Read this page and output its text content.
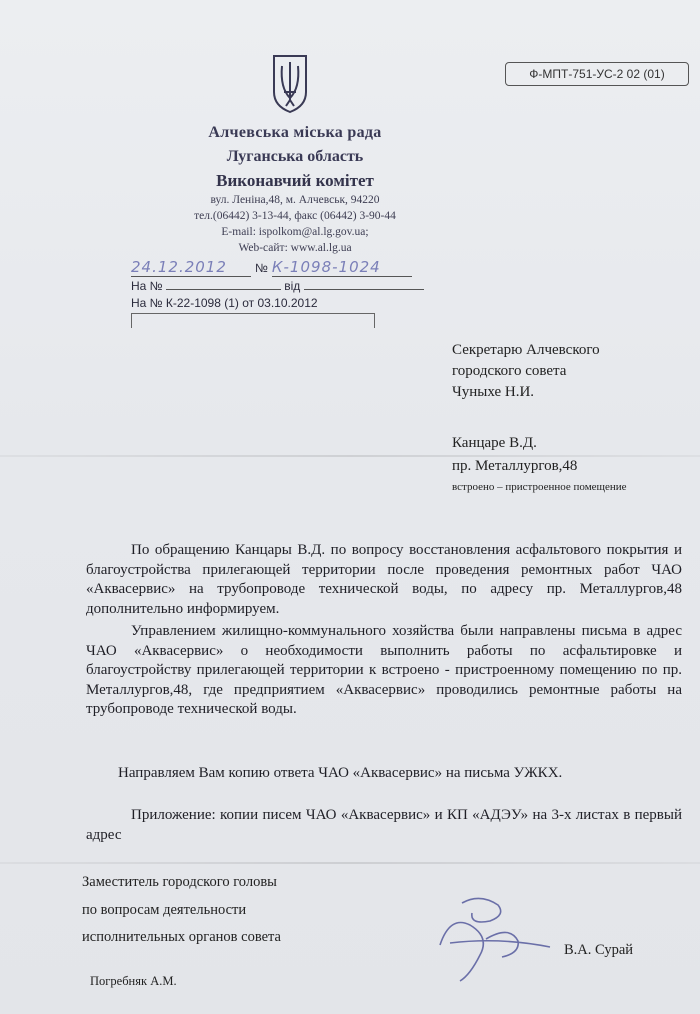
Ф-МПТ-751-УС-2 02 (01)
Алчевська міська рада
Луганська область
Виконавчий комітет
вул. Леніна,48, м. Алчевськ, 94220
тел.(06442) 3-13-44, факс (06442) 3-90-44
E-mail: ispolkom@al.lg.gov.ua;
Web-сайт: www.al.lg.ua
24.12.2012 № К-1098-1024
На №	від
На № К-22-1098 (1) от 03.10.2012
Секретарю Алчевского
городского совета
Чуныхе Н.И.
Канцаре В.Д.
пр. Металлургов,48
встроено – пристроенное помещение
По обращению Канцары В.Д. по вопросу восстановления асфальтового покрытия и благоустройства прилегающей территории после проведения ремонтных работ ЧАО «Аквасервис» на трубопроводе технической воды, по адресу пр. Металлургов,48 дополнительно информируем.
Управлением жилищно-коммунального хозяйства были направлены письма в адрес ЧАО «Аквасервис» о необходимости выполнить работы по асфальтировке и благоустройству прилегающей территории к встроено - пристроенному помещению по пр. Металлургов,48, где предприятием «Аквасервис» проводились ремонтные работы на трубопроводе технической воды.
Направляем Вам копию ответа ЧАО «Аквасервис» на письма УЖКХ.
Приложение: копии писем ЧАО «Аквасервис» и КП «АДЭУ» на 3-х листах в первый адрес
Заместитель городского головы
по вопросам деятельности
исполнительных органов совета
В.А. Сурай
Погребняк А.М.
